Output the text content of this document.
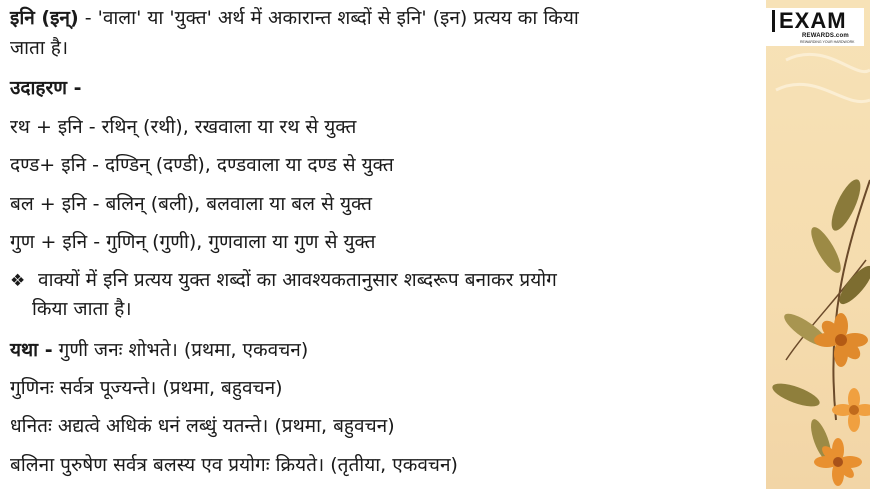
इनि (इन्) - 'वाला' या 'युक्त' अर्थ में अकारान्त शब्दों से इनि' (इन) प्रत्यय का किया
जाता है।
उदाहरण -
रथ + इनि - रथिन् (रथी), रखवाला या रथ से युक्त
दण्ड+ इनि - दण्डिन् (दण्डी), दण्डवाला या दण्ड से युक्त
बल + इनि - बलिन् (बली), बलवाला या बल से युक्त
गुण + इनि - गुणिन् (गुणी), गुणवाला या गुण से युक्त
❖ वाक्यों में इनि प्रत्यय युक्त शब्दों का आवश्यकतानुसार शब्दरूप बनाकर प्रयोग
किया जाता है।
यथा - गुणी जनः शोभते। (प्रथमा, एकवचन)
गुणिनः सर्वत्र पूज्यन्ते। (प्रथमा, बहुवचन)
धनितः अद्यत्वे अधिकं धनं लब्धुं यतन्ते। (प्रथमा, बहुवचन)
बलिना पुरुषेण सर्वत्र बलस्य एव प्रयोगः क्रियते। (तृतीया, एकवचन)
EXAM
REWARDS.com
REWARDING YOUR HARDWORK
